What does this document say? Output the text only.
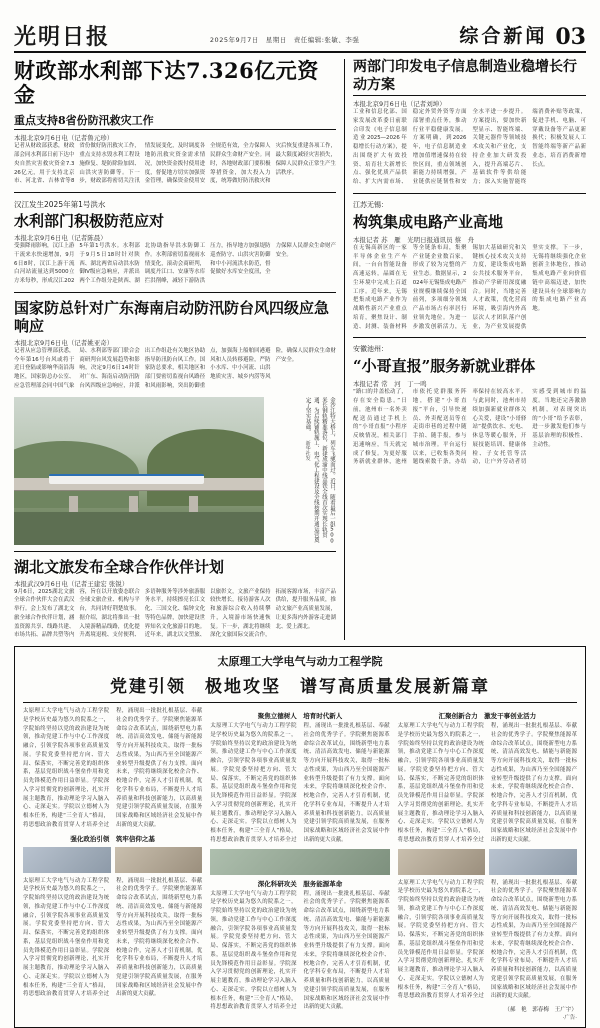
光明日报	2025年9月7日　星期日　责任编辑:张敏、李强	综合新闻 03
财政部水利部下达7.326亿元资金
重点支持8省份防汛救灾工作
本报北京9月6日电（记者鲁元珍）
记者从财政部获悉，财政部会同水利部日前下达中央自然灾害救灾资金7.326亿元，用于支持北京市、河北省、吉林省等8省份做好防汛救灾工作，重点支持水毁水利工程设施修复、堤防除险加固、山洪灾害防御等。下一步，财政部将密切关注汛情发展变化，及时调度各地防汛救灾资金需求情况，加快资金拨付使用进度，督促地方切实加强资金管理，确保资金使用安全规范有效，全力保障人民群众生命财产安全。同时，各地财政部门要积极筹措资金，加大投入力度，统筹做好防汛救灾和灾后恢复重建各项工作，最大限度减轻灾害损失，保障人民群众正常生产生活秩序。
汉江发生2025年第1号洪水
水利部门积极防范应对
本报北京9月6日电（记者陈晨）
受强降雨影响，汉江上游干流来水快速增加，9月6日8时，汉江上游干流白河站流量达到5000立方米每秒，形成汉江2025年第1号洪水。水利部于9月5日18时针对陕西、湖北两省启动洪水防御Ⅳ级应急响应，并派出两个工作组分赴陕西、湖北协助指导洪水防御工作。水利部密切监视雨水情变化，滚动会商研判，调度丹江口、安康等水库拦洪削峰，减轻下游防洪压力，指导地方加强堤防巡查防守、山洪灾害防御和中小河流洪水防范，督促做好水库安全度汛，全力保障人民群众生命财产安全。
国家防总针对广东海南启动防汛防台风四级应急响应
本报北京9月6日电（记者姚亚奇）
记者从应急管理部获悉，今年第16号台风或将于近日登陆或影响华南沿海地区，国家防总办公室、应急管理部会同中国气象局、水利部等部门联合会商研判台风发展趋势和影响，决定9月6日14时针对广东、海南启动防汛防台风四级应急响应，并派出工作组赴有关地区协助指导防汛防台风工作。国家防总要求，相关地区和部门要密切监视台风路径和风雨影响，突出防御重点，加强海上船舶回港避风和人员转移避险，严防小水库、中小河流、山洪地质灾害、城乡内涝等风险，确保人民群众生命财产安全。
金沙江特大桥上，列车飞驰而过。近日，随着最后一组500米长钢轨精准落位，新建成渝中线高铁全线首次实现长轨贯通，为后续铺轨施工、电气化工程建设及全线按期开通运营奠定了坚实基础。 新华社发
湖北文旅发布全球合作伙伴计划
本报武汉9月6日电（记者王建宏 张锐）
9月6日，2025湖北文旅全球合作伙伴大会在武汉举行。会上发布了湖北文旅全球合作伙伴计划，涵盖资源共享、线路共建、市场共拓、品牌共塑等内容，旨在以开放姿态联合全球文旅企业、机构与平台，共同讲好荆楚故事。据介绍，湖北将推出一批入境游精品线路，优化提升离境退税、支付便利、多语种服务等涉外旅游服务水平，持续擦亮长江文化、三国文化、编钟文化等特色品牌，加快建设世界知名文化旅游目的地。近年来，湖北以文塑旅、以旅彰文，文旅产业保持较快增长，接待游客人次和旅游综合收入持续攀升，入境游市场快速恢复。下一步，湖北将继续深化文旅国际交流合作，拓展客源市场，丰富产品供给，提升服务品质，推动文旅产业高质量发展，让更多海内外游客走进湖北、爱上湖北。
两部门印发电子信息制造业稳增长行动方案
本报北京9月6日电（记者刘坤）
工业和信息化部、国家发展改革委日前联合印发《电子信息制造业2025—2026年稳增长行动方案》，提出围绕扩大有效投资、培育壮大新增长点、强化优质产品供给、扩大内需市场、稳定外贸外资等方面部署重点任务，推动行业平稳健康发展。方案明确，到2026年，电子信息制造业增加值增速保持在较快区间，重点领域创新能力持续增强，产业链供应链韧性和安全水平进一步提升。方案提出，要加快新型显示、智能终端、关键元器件等领域技术攻关和产业化，支持企业加大研发投入，提升高端芯片、基础软件等供给能力；深入实施智能终端消费补贴等政策，促进手机、电脑、可穿戴设备等产品更新换代；积极发展人工智能终端等新产品新业态，培育消费新增长点。
江苏无锡：
构筑集成电路产业高地
本报记者 苏　雁　光明日报通讯员 蔡　舟
在无锡高新区的一家半导体企业生产车间，一台台智能设备高速运转，晶圆在无尘环境中完成上百道工序。近年来，无锡把集成电路产业作为战略性新兴产业重点培育，聚焦设计、制造、封测、装备材料等全链条布局，集聚产业链企业数百家，形成了较为完整的产业生态。数据显示，2024年无锡集成电路产业规模继续保持全国前列，多项细分领域产品市场占有率居行业领先地位。为进一步激发创新活力，无锡加大基础研究和关键核心技术攻关支持力度，建设集成电路公共技术服务平台，推动产学研用深度融合。同时，当地完善人才政策，优化营商环境，吸引海内外高层次人才团队落户创业，为产业发展提供坚实支撑。下一步，无锡将继续强化企业创新主体地位，推动集成电路产业向价值链中高端迈进，加快建设具有全球影响力的集成电路产业高地。
安徽池州：
“小哥直报”服务新就业群体
本报记者 常　河　丁一鸣
“路口的井盖松动了，存在安全隐患。”日前，池州市一名外卖配送员通过手机上的“小哥直报”小程序反映情况，相关部门迅速响应，当天就完成了修复。为更好服务新就业群体，池州市依托党群服务阵地，搭建“小哥直报”平台，引导快递员、外卖配送员等在走街串巷的过程中随手拍、随手报，参与城市治理。平台运行以来，已收集各类问题线索数千条，办结率保持在较高水平。与此同时，池州市持续加强新就业群体关心关爱，建设“小哥驿站”提供饮水、充电、休息等暖心服务，开展技能培训、健康体检、子女托管等活动，让户外劳动者切实感受到城市的温度。当地还完善激励机制，对表现突出的“小哥”给予表彰，进一步激发他们参与基层治理的积极性、主动性。
太原理工大学电气与动力工程学院
党建引领　极地攻坚　谱写高质量发展新篇章
太原理工大学电气与动力工程学院是学校历史最为悠久的院系之一，学院始终坚持以党的政治建设为统领，推动党建工作与中心工作深度融合，引领学院各项事业高质量发展。学院党委坚持把方向、管大局、保落实，不断完善党的组织体系，基层党组织战斗堡垒作用和党员先锋模范作用日益彰显。学院深入学习贯彻党的创新理论，扎实开展主题教育，推动理论学习入脑入心、走深走实。学院以立德树人为根本任务，构建“三全育人”格局，将思想政治教育贯穿人才培养全过程，涌现出一批批扎根基层、奉献社会的优秀学子。学院聚焦能源革命综合改革试点，围绕新型电力系统、清洁高效发电、储能与新能源等方向开展科技攻关，取得一批标志性成果，为山西乃至全国能源产业转型升级提供了有力支撑。面向未来，学院将继续深化校企合作、校地合作，完善人才引育机制，优化学科专业布局，不断提升人才培养质量和科技创新能力，以高质量党建引领学院高质量发展，在服务国家战略和区域经济社会发展中作出新的更大贡献。
强化政治引领　筑牢信仰之基
太原理工大学电气与动力工程学院是学校历史最为悠久的院系之一，学院始终坚持以党的政治建设为统领，推动党建工作与中心工作深度融合，引领学院各项事业高质量发展。学院党委坚持把方向、管大局、保落实，不断完善党的组织体系，基层党组织战斗堡垒作用和党员先锋模范作用日益彰显。学院深入学习贯彻党的创新理论，扎实开展主题教育，推动理论学习入脑入心、走深走实。学院以立德树人为根本任务，构建“三全育人”格局，将思想政治教育贯穿人才培养全过程，涌现出一批批扎根基层、奉献社会的优秀学子。学院聚焦能源革命综合改革试点，围绕新型电力系统、清洁高效发电、储能与新能源等方向开展科技攻关，取得一批标志性成果，为山西乃至全国能源产业转型升级提供了有力支撑。面向未来，学院将继续深化校企合作、校地合作，完善人才引育机制，优化学科专业布局，不断提升人才培养质量和科技创新能力，以高质量党建引领学院高质量发展，在服务国家战略和区域经济社会发展中作出新的更大贡献。
聚焦立德树人　培育时代新人
太原理工大学电气与动力工程学院是学校历史最为悠久的院系之一，学院始终坚持以党的政治建设为统领，推动党建工作与中心工作深度融合，引领学院各项事业高质量发展。学院党委坚持把方向、管大局、保落实，不断完善党的组织体系，基层党组织战斗堡垒作用和党员先锋模范作用日益彰显。学院深入学习贯彻党的创新理论，扎实开展主题教育，推动理论学习入脑入心、走深走实。学院以立德树人为根本任务，构建“三全育人”格局，将思想政治教育贯穿人才培养全过程，涌现出一批批扎根基层、奉献社会的优秀学子。学院聚焦能源革命综合改革试点，围绕新型电力系统、清洁高效发电、储能与新能源等方向开展科技攻关，取得一批标志性成果，为山西乃至全国能源产业转型升级提供了有力支撑。面向未来，学院将继续深化校企合作、校地合作，完善人才引育机制，优化学科专业布局，不断提升人才培养质量和科技创新能力，以高质量党建引领学院高质量发展，在服务国家战略和区域经济社会发展中作出新的更大贡献。
深化科研攻关　服务能源革命
太原理工大学电气与动力工程学院是学校历史最为悠久的院系之一，学院始终坚持以党的政治建设为统领，推动党建工作与中心工作深度融合，引领学院各项事业高质量发展。学院党委坚持把方向、管大局、保落实，不断完善党的组织体系，基层党组织战斗堡垒作用和党员先锋模范作用日益彰显。学院深入学习贯彻党的创新理论，扎实开展主题教育，推动理论学习入脑入心、走深走实。学院以立德树人为根本任务，构建“三全育人”格局，将思想政治教育贯穿人才培养全过程，涌现出一批批扎根基层、奉献社会的优秀学子。学院聚焦能源革命综合改革试点，围绕新型电力系统、清洁高效发电、储能与新能源等方向开展科技攻关，取得一批标志性成果，为山西乃至全国能源产业转型升级提供了有力支撑。面向未来，学院将继续深化校企合作、校地合作，完善人才引育机制，优化学科专业布局，不断提升人才培养质量和科技创新能力，以高质量党建引领学院高质量发展，在服务国家战略和区域经济社会发展中作出新的更大贡献。
汇聚创新合力　激发干事创业活力
太原理工大学电气与动力工程学院是学校历史最为悠久的院系之一，学院始终坚持以党的政治建设为统领，推动党建工作与中心工作深度融合，引领学院各项事业高质量发展。学院党委坚持把方向、管大局、保落实，不断完善党的组织体系，基层党组织战斗堡垒作用和党员先锋模范作用日益彰显。学院深入学习贯彻党的创新理论，扎实开展主题教育，推动理论学习入脑入心、走深走实。学院以立德树人为根本任务，构建“三全育人”格局，将思想政治教育贯穿人才培养全过程，涌现出一批批扎根基层、奉献社会的优秀学子。学院聚焦能源革命综合改革试点，围绕新型电力系统、清洁高效发电、储能与新能源等方向开展科技攻关，取得一批标志性成果，为山西乃至全国能源产业转型升级提供了有力支撑。面向未来，学院将继续深化校企合作、校地合作，完善人才引育机制，优化学科专业布局，不断提升人才培养质量和科技创新能力，以高质量党建引领学院高质量发展，在服务国家战略和区域经济社会发展中作出新的更大贡献。
太原理工大学电气与动力工程学院是学校历史最为悠久的院系之一，学院始终坚持以党的政治建设为统领，推动党建工作与中心工作深度融合，引领学院各项事业高质量发展。学院党委坚持把方向、管大局、保落实，不断完善党的组织体系，基层党组织战斗堡垒作用和党员先锋模范作用日益彰显。学院深入学习贯彻党的创新理论，扎实开展主题教育，推动理论学习入脑入心、走深走实。学院以立德树人为根本任务，构建“三全育人”格局，将思想政治教育贯穿人才培养全过程，涌现出一批批扎根基层、奉献社会的优秀学子。学院聚焦能源革命综合改革试点，围绕新型电力系统、清洁高效发电、储能与新能源等方向开展科技攻关，取得一批标志性成果，为山西乃至全国能源产业转型升级提供了有力支撑。面向未来，学院将继续深化校企合作、校地合作，完善人才引育机制，优化学科专业布局，不断提升人才培养质量和科技创新能力，以高质量党建引领学院高质量发展，在服务国家战略和区域经济社会发展中作出新的更大贡献。
（郝　艳　郭春梅　王广宇）
·广告·
